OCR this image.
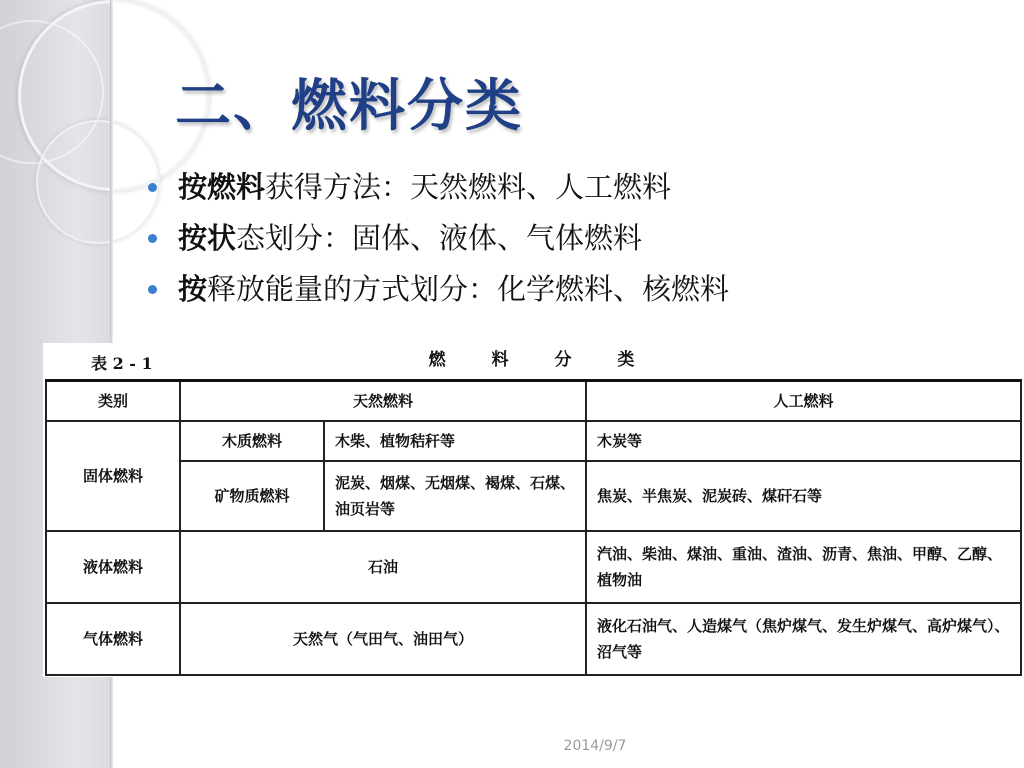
二、燃料分类
按燃料获得方法：天然燃料、人工燃料
按状态划分：固体、液体、气体燃料
按释放能量的方式划分：化学燃料、核燃料
表 2 - 1	燃 料 分 类
类别	天然燃料		人工燃料
固体燃料	木质燃料	木柴、植物秸秆等	木炭等
	矿物质燃料	泥炭、烟煤、无烟煤、褐煤、石煤、油页岩等	焦炭、半焦炭、泥炭砖、煤矸石等
液体燃料	石油		汽油、柴油、煤油、重油、渣油、沥青、焦油、甲醇、乙醇、植物油
气体燃料	天然气（气田气、油田气）		液化石油气、人造煤气（焦炉煤气、发生炉煤气、高炉煤气）、沼气等
2014/9/7
